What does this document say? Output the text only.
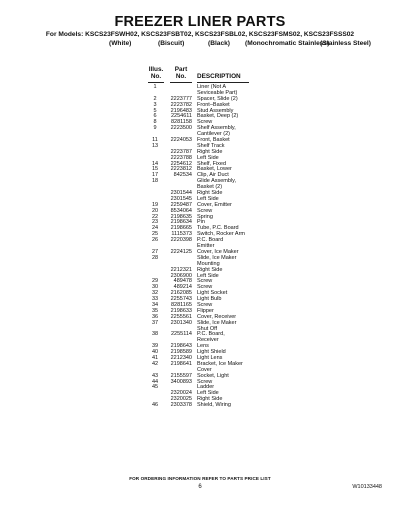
FREEZER LINER PARTS
For Models: KSCS23FSWH02, KSCS23FSBT02, KSCS23FSBL02, KSCS23FSMS02, KSCS23FSSS02
(White)	(Biscuit)	(Black) (Monochromatic Stainless)
(Stainless Steel)
Illus.
No.
Part
No.	DESCRIPTION
1	Liner (Not A
Seviceable Part)
2	2223777 Spacer, Slide (2)
3	2223782 Front–Basket
5	2196483 Stud Assembly
6	2254611 Basket, Deep (2)
8	8281158 Screw
9	2223500 Shelf Assembly,
Cantilever (2)
11	2224053 Front, Basket
13	Shelf Track
2223787 Right Side
2223788 Left Side
14	2254612 Shelf, Fixed
15	2223812 Basket, Lower
17	842534 Clip, Air Duct
18	Glide Assembly,
Basket (2)
2301544 Right Side
2301545 Left Side
19	2259487 Cover, Emitter
20	8534064 Screw
22	2198635 Spring
23	2198634 Pin
24	2198665 Tube, P.C. Board
25	1115373 Switch, Rocker Arm
26	2220398 P.C. Board
Emitter
27	2224125 Cover, Ice Maker
28	Slide, Ice Maker
Mounting
2212321 Right Side
2306900 Left Side
29	489478 Screw
30	489214 Screw
32	2162085 Light Socket
33	2255743 Light Bulb
34	8281165 Screw
35	2198633 Flipper
36	2255561 Cover, Receiver
37	2301340 Slide, Ice Maker
Shut Off
38	2255114 P.C. Board,
Receiver
39	2198643 Lens
40	2198589 Light Shield
41	2212340 Light Lens
42	2198641 Bracket, Ice Maker
Cover
43	2155597 Socket, Light
44	3400893 Screw
45	Ladder
2320024 Left Side
2320025 Right Side
46	2303378 Shield, Wiring
FOR ORDERING INFORMATION REFER TO PARTS PRICE LIST
6	W10133448
